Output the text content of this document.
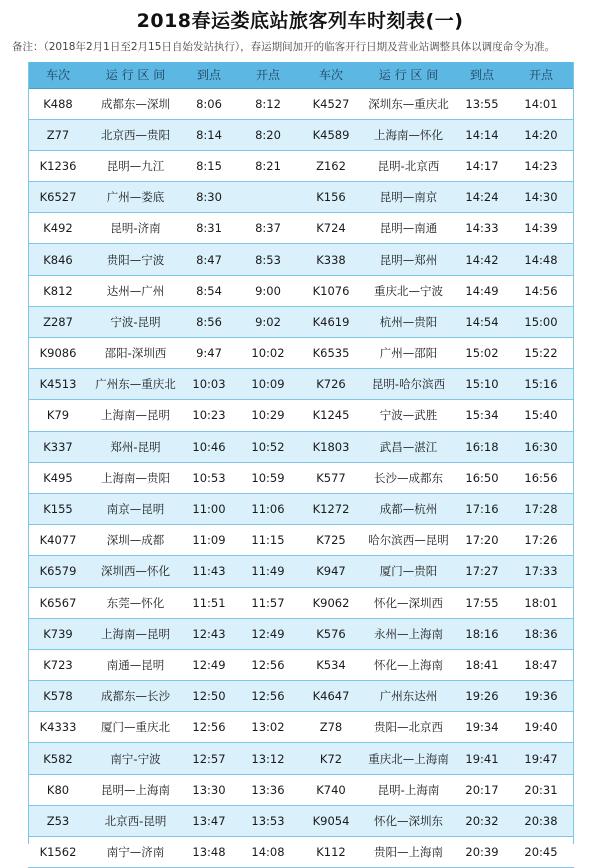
2018春运娄底站旅客列车时刻表(一)
备注：（2018年2月1日至2月15日自始发站执行），春运期间加开的临客开行日期及营业站调整具体以调度命令为准。
车次	运 行 区 间	到点	开点	车次	运 行 区 间	到点	开点
K488	成都东—深圳	8:06	8:12	K4527	深圳东—重庆北	13:55	14:01
Z77	北京西—贵阳	8:14	8:20	K4589	上海南—怀化	14:14	14:20
K1236	昆明—九江	8:15	8:21	Z162	昆明-北京西	14:17	14:23
K6527	广州—娄底	8:30		K156	昆明—南京	14:24	14:30
K492	昆明-济南	8:31	8:37	K724	昆明—南通	14:33	14:39
K846	贵阳—宁波	8:47	8:53	K338	昆明—郑州	14:42	14:48
K812	达州—广州	8:54	9:00	K1076	重庆北—宁波	14:49	14:56
Z287	宁波-昆明	8:56	9:02	K4619	杭州—贵阳	14:54	15:00
K9086	邵阳-深圳西	9:47	10:02	K6535	广州—邵阳	15:02	15:22
K4513	广州东—重庆北	10:03	10:09	K726	昆明-哈尔滨西	15:10	15:16
K79	上海南—昆明	10:23	10:29	K1245	宁波—武胜	15:34	15:40
K337	郑州-昆明	10:46	10:52	K1803	武昌—湛江	16:18	16:30
K495	上海南—贵阳	10:53	10:59	K577	长沙—成都东	16:50	16:56
K155	南京—昆明	11:00	11:06	K1272	成都—杭州	17:16	17:28
K4077	深圳—成都	11:09	11:15	K725	哈尔滨西—昆明	17:20	17:26
K6579	深圳西—怀化	11:43	11:49	K947	厦门—贵阳	17:27	17:33
K6567	东莞—怀化	11:51	11:57	K9062	怀化—深圳西	17:55	18:01
K739	上海南—昆明	12:43	12:49	K576	永州—上海南	18:16	18:36
K723	南通—昆明	12:49	12:56	K534	怀化—上海南	18:41	18:47
K578	成都东—长沙	12:50	12:56	K4647	广州东达州	19:26	19:36
K4333	厦门—重庆北	12:56	13:02	Z78	贵阳—北京西	19:34	19:40
K582	南宁-宁波	12:57	13:12	K72	重庆北—上海南	19:41	19:47
K80	昆明—上海南	13:30	13:36	K740	昆明-上海南	20:17	20:31
Z53	北京西-昆明	13:47	13:53	K9054	怀化—深圳东	20:32	20:38
K1562	南宁—济南	13:48	14:08	K112	贵阳—上海南	20:39	20:45
